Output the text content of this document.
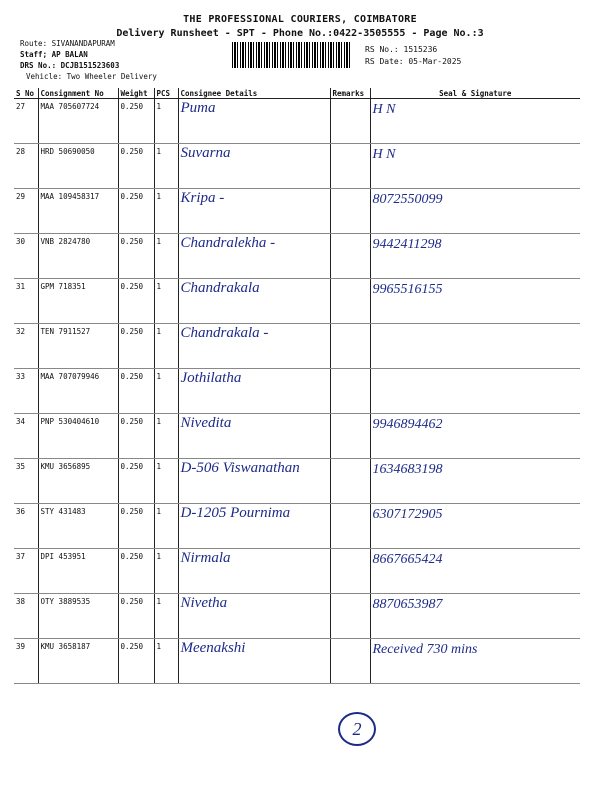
THE PROFESSIONAL COURIERS, COIMBATORE
Delivery Runsheet - SPT - Phone No.:0422-3505555 - Page No.:3
Route: SIVANANDAPURAM
Staff; AP BALAN
DRS No.: DCJB151523603
Vehicle: Two Wheeler Delivery
RS No.: 1515236
RS Date: 05-Mar-2025
S No	Consignment No	Weight	PCS	Consignee Details	Remarks	Seal & Signature
27	MAA 705607724	0.250	1	Puma		H N
28	HRD 50690050	0.250	1	Suvarna		H N
29	MAA 109458317	0.250	1	Kripa -		8072550099
30	VNB 2824780	0.250	1	Chandralekha -		9442411298
31	GPM 718351	0.250	1	Chandrakala		9965516155
32	TEN 7911527	0.250	1	Chandrakala -		
33	MAA 707079946	0.250	1	Jothilatha		
34	PNP 530404610	0.250	1	Nivedita		9946894462
35	KMU 3656895	0.250	1	D-506 Viswanathan		1634683198
36	STY 431483	0.250	1	D-1205 Pournima		6307172905
37	DPI 453951	0.250	1	Nirmala		8667665424
38	OTY 3889535	0.250	1	Nivetha		8870653987
39	KMU 3658187	0.250	1	Meenakshi		Received 730 mins

2
